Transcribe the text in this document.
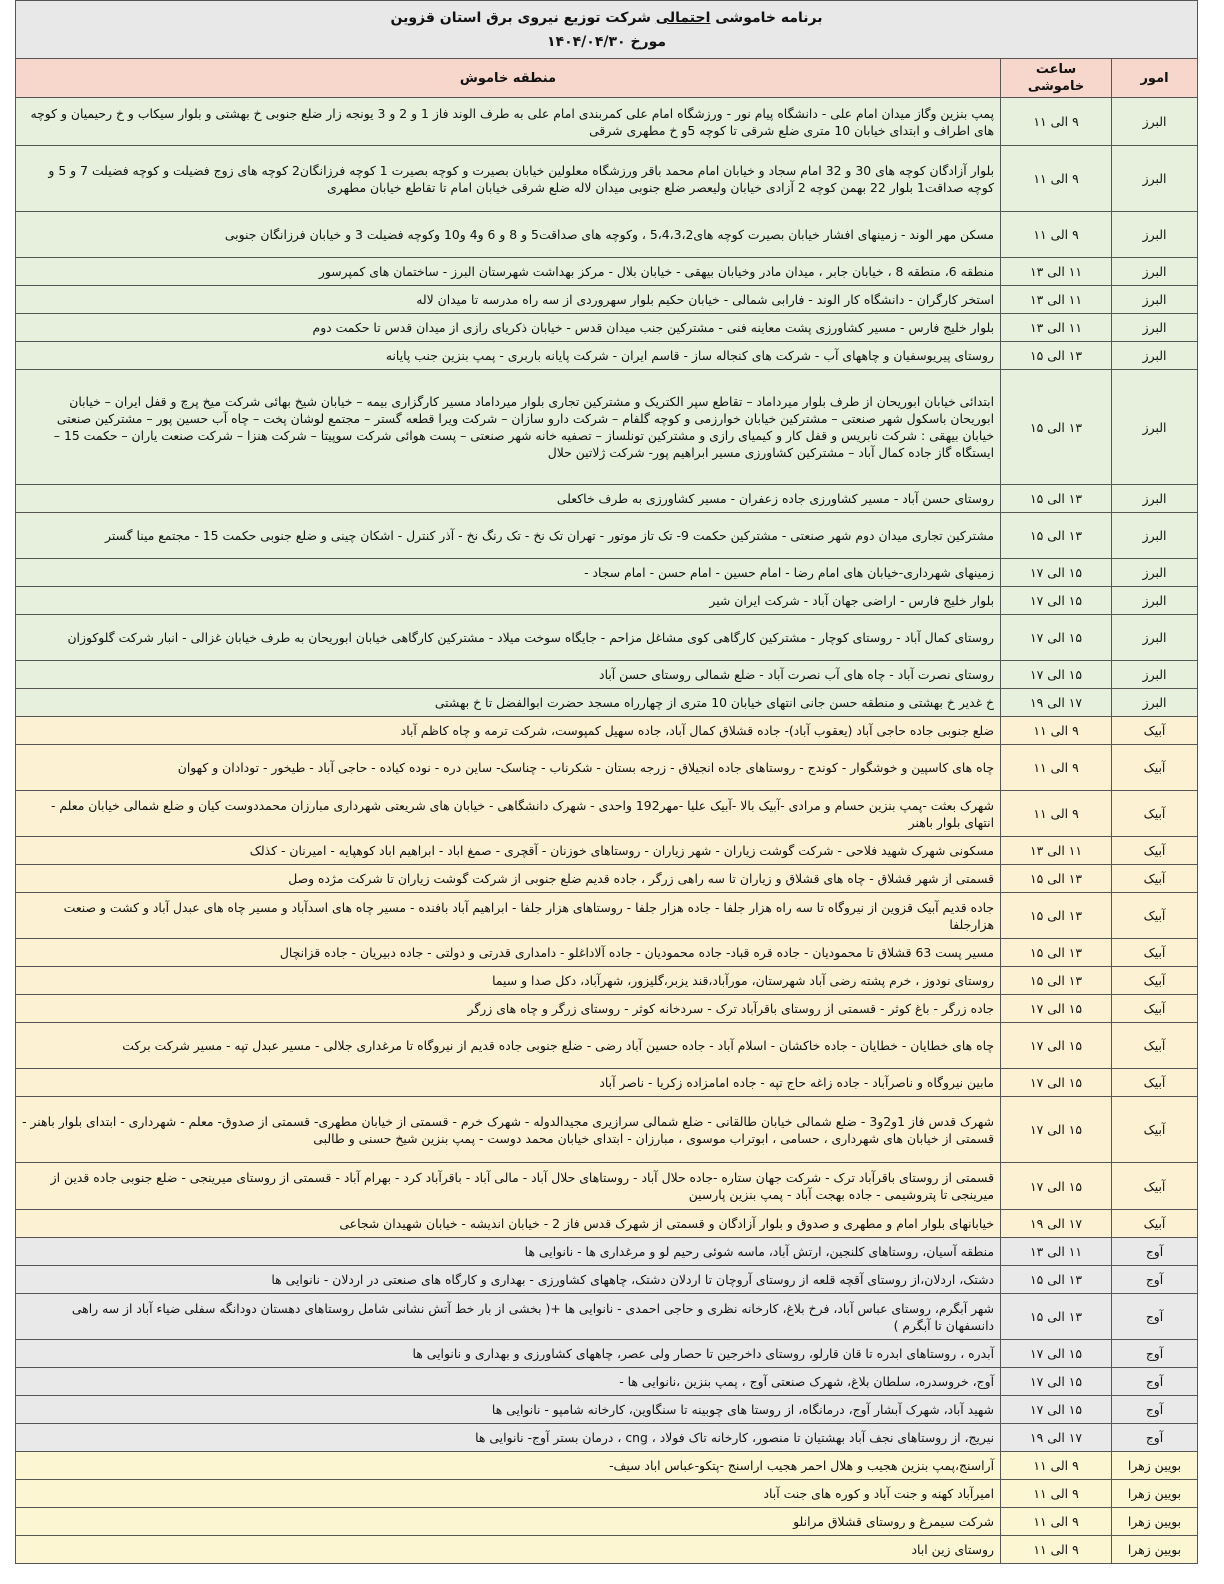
برنامه خاموشی احتمالی شرکت توزیع نیروی برق استان قزوین
مورخ ۱۴۰۴/۰۴/۳۰		

امور	ساعت خاموشی	منطقه خاموش
البرز	۹ الی ۱۱	پمپ بنزین وگاز میدان امام علی - دانشگاه پیام نور - ورزشگاه امام علی کمربندی امام علی به طرف الوند فاز 1 و 2 و 3 یونجه زار ضلع جنوبی خ بهشتی و بلوار سیکاب و خ رحیمیان و کوچه های اطراف و ابتدای خیابان 10 متری ضلع شرقی تا کوچه 5و خ مطهری شرقی
البرز	۹ الی ۱۱	بلوار آزادگان کوچه های 30 و 32 امام سجاد و خیابان امام محمد باقر ورزشگاه معلولین خیابان بصیرت و کوچه بصیرت 1 کوچه فرزانگان2 کوچه های زوج فضیلت و کوچه فضیلت 7 و 5 و کوچه صداقت1 بلوار 22 بهمن کوچه 2 آزادی خیابان ولیعصر ضلع جنوبی میدان لاله ضلع شرقی خیابان امام تا تقاطع خیابان مطهری
البرز	۹ الی ۱۱	مسکن مهر الوند - زمینهای افشار خیابان بصیرت کوچه های5،4،3،2 ، وکوچه های صداقت5 و 8 و 6 و4 و10 وکوچه فضیلت 3 و خیابان فرزانگان جنوبی
البرز	۱۱ الی ۱۳	منطقه 6، منطقه 8 ، خیابان جابر ، میدان مادر وخیابان بیهقی - خیابان بلال - مرکز بهداشت شهرستان البرز - ساختمان های کمپرسور
البرز	۱۱ الی ۱۳	استخر کارگران - دانشگاه کار الوند - فارابی شمالی - خیابان حکیم بلوار سهروردی از سه راه مدرسه تا میدان لاله
البرز	۱۱ الی ۱۳	بلوار خلیج فارس - مسیر کشاورزی پشت معاینه فنی - مشترکین جنب میدان قدس - خیابان ذکریای رازی از میدان قدس تا حکمت دوم
البرز	۱۳ الی ۱۵	روستای پیریوسفیان و چاههای آب - شرکت های کنجاله ساز - قاسم ایران - شرکت پایانه باربری - پمپ بنزین جنب پایانه
البرز	۱۳ الی ۱۵	ابتدائی خیابان ابوریحان از طرف بلوار میرداماد – تقاطع سپر الکتریک و مشترکین تجاری بلوار میرداماد مسیر کارگزاری بیمه – خیابان شیخ بهائی شرکت میخ پرچ و قفل ایران – خیابان ابوریحان باسکول شهر صنعتی – مشترکین خیابان خوارزمی و کوچه گلفام – شرکت دارو سازان – شرکت ویرا قطعه گستر – مجتمع لوشان پخت – چاه آب حسین پور – مشترکین صنعتی خیابان بیهقی : شرکت نابریس و قفل کار و کیمیای رازی و مشترکین تونلساز – تصفیه خانه شهر صنعتی – پست هوائی شرکت سوپیتا – شرکت هنزا – شرکت صنعت یاران – حکمت 15 – ایستگاه گاز جاده کمال آباد – مشترکین کشاورزی مسیر ابراهیم پور- شرکت ژلاتین حلال
البرز	۱۳ الی ۱۵	روستای حسن آباد - مسیر کشاورزی جاده زعفران - مسیر کشاورزی به طرف خاکعلی
البرز	۱۳ الی ۱۵	مشترکین تجاری میدان دوم شهر صنعتی - مشترکین حکمت 9- تک تاز موتور - تهران تک نخ - تک رنگ نخ - آذر کنترل - اشکان چینی و ضلع جنوبی حکمت 15 - مجتمع مینا گستر
البرز	۱۵ الی ۱۷	زمینهای شهرداری-خیابان های امام رضا - امام حسین - امام حسن - امام سجاد -
البرز	۱۵ الی ۱۷	بلوار خلیج فارس - اراضی جهان آباد - شرکت ایران شیر
البرز	۱۵ الی ۱۷	روستای کمال آباد - روستای کوچار - مشترکین کارگاهی کوی مشاغل مزاحم - جایگاه سوخت میلاد - مشترکین کارگاهی خیابان ابوریحان به طرف خیابان غزالی - انبار شرکت گلوکوزان
البرز	۱۵ الی ۱۷	روستای نصرت آباد - چاه های آب نصرت آباد - ضلع شمالی روستای حسن آباد
البرز	۱۷ الی ۱۹	خ غدیر خ بهشتی و منطقه حسن جانی انتهای خیابان 10 متری از چهارراه مسجد حضرت ابوالفضل تا خ بهشتی
آبیک	۹ الی ۱۱	ضلع جنوبی جاده حاجی آباد (یعقوب آباد)- جاده قشلاق کمال آباد، جاده سهیل کمپوست، شرکت ترمه و چاه کاظم آباد
آبیک	۹ الی ۱۱	چاه های کاسپین و خوشگوار - کوندج - روستاهای جاده انجیلاق - زرجه بستان - شکرناب - چناسک- ساین دره - نوده کیاده - حاجی آباد - طیخور - تودادان و کهوان
آبیک	۹ الی ۱۱	شهرک بعثت -پمپ بنزین حسام و مرادی -آبیک بالا -آبیک علیا -مهر192 واحدی - شهرک دانشگاهی - خیابان های شریعتی شهرداری مبارزان محمددوست کیان و ضلع شمالی خیابان معلم - انتهای بلوار باهنر
آبیک	۱۱ الی ۱۳	مسکونی شهرک شهید فلاحی - شرکت گوشت زیاران - شهر زیاران - روستاهای خوزنان - آقچری - صمغ اباد - ابراهیم اباد کوهپایه - امیرنان - کذلک
آبیک	۱۳ الی ۱۵	قسمتی از شهر قشلاق - چاه های قشلاق و زیاران تا سه راهی زرگر ، جاده قدیم ضلع جنوبی از شرکت گوشت زیاران تا شرکت مژده وصل
آبیک	۱۳ الی ۱۵	جاده قدیم آبیک قزوین از نیروگاه تا سه راه هزار جلفا - جاده هزار جلفا - روستاهای هزار جلفا - ابراهیم آباد بافنده - مسیر چاه های اسدآباد و مسیر چاه های عبدل آباد و کشت و صنعت هزارجلفا
آبیک	۱۳ الی ۱۵	مسیر پست 63 قشلاق تا محمودیان - جاده قره قباد- جاده محمودیان - جاده آلاداغلو - دامداری قدرتی و دولتی - جاده دبیریان - جاده قزانچال
آبیک	۱۳ الی ۱۵	روستای نودوز ، خرم پشته رضی آباد شهرستان، مورآباد،قند یزبر،گلیزور، شهرآباد، دکل صدا و سیما
آبیک	۱۵ الی ۱۷	جاده زرگر - باغ کوثر - قسمتی از روستای باقرآباد ترک - سردخانه کوثر - روستای زرگر و چاه های زرگر
آبیک	۱۵ الی ۱۷	چاه های خطایان - خطایان - جاده خاکشان - اسلام آباد - جاده حسین آباد رضی - ضلع جنوبی جاده قدیم از نیروگاه تا مرغداری جلالی - مسیر عبدل تپه - مسیر شرکت برکت
آبیک	۱۵ الی ۱۷	مابین نیروگاه و ناصرآباد - جاده زاغه حاج تپه - جاده امامزاده زکریا - ناصر آباد
آبیک	۱۵ الی ۱۷	شهرک قدس فاز 1و2و3 - ضلع شمالی خیابان طالقانی - ضلع شمالی سرازیری مجیدالدوله - شهرک خرم - قسمتی از خیابان مطهری- قسمتی از صدوق- معلم - شهرداری - ابتدای بلوار باهنر - قسمتی از خیابان های شهرداری ، حسامی ، ابوتراب موسوی ، مبارزان - ابتدای خیابان محمد دوست - پمپ بنزین شیخ حسنی و طالبی
آبیک	۱۵ الی ۱۷	قسمتی از روستای باقرآباد ترک - شرکت جهان ستاره -جاده حلال آباد - روستاهای حلال آباد - مالی آباد - باقرآباد کرد - بهرام آباد - قسمتی از روستای میرینجی - ضلع جنوبی جاده قدین از میرینجی تا پتروشیمی - جاده بهجت آباد - پمپ بنزین پارسین
آبیک	۱۷ الی ۱۹	خیابانهای بلوار امام و مطهری و صدوق و بلوار آزادگان و قسمتی از شهرک قدس فاز 2 - خیابان اندیشه - خیابان شهیدان شجاعی
آوج	۱۱ الی ۱۳	منطقه آسیان، روستاهای کلنجین، ارتش آباد، ماسه شوئی رحیم لو و مرغداری ها - نانوایی ها
آوج	۱۳ الی ۱۵	دشتک، اردلان،از روستای آقچه قلعه از روستای آروچان تا اردلان دشتک، چاههای کشاورزی - بهداری و کارگاه های صنعتی در اردلان - نانوایی ها
آوج	۱۳ الی ۱۵	شهر آبگرم، روستای عباس آباد، فرخ بلاغ، کارخانه نظری و حاجی احمدی - نانوایی ها +( بخشی از بار خط آتش نشانی شامل روستاهای دهستان دودانگه سفلی ضیاء آباد از سه راهی دانسفهان تا آبگرم )
آوج	۱۵ الی ۱۷	آبدره ، روستاهای ابدره تا قان قارلو، روستای داخرجین تا حصار ولی عصر، چاههای کشاورزی و بهداری و نانوایی ها
آوج	۱۵ الی ۱۷	آوج، خروسدره، سلطان بلاغ، شهرک صنعتی آوج ، پمپ بنزین ،نانوایی ها -
آوج	۱۵ الی ۱۷	شهید آباد، شهرک آبشار آوج، درمانگاه، از روستا های چوبینه تا سنگاوین، کارخانه شامپو - نانوایی ها
آوج	۱۷ الی ۱۹	نیریج، از روستاهای نجف آباد بهشتیان تا منصور، کارخانه تاک فولاد ، cng ، درمان بستر آوج- نانوایی ها
بویین زهرا	۹ الی ۱۱	آراسنج،پمپ بنزین هجیب و هلال احمر هجیب اراسنج -پتکو-عباس اباد سیف-
بویین زهرا	۹ الی ۱۱	امیرآباد کهنه و جنت آباد و کوره های جنت آباد
بویین زهرا	۹ الی ۱۱	شرکت سیمرغ و روستای قشلاق مرانلو
بویین زهرا	۹ الی ۱۱	روستای زین اباد
